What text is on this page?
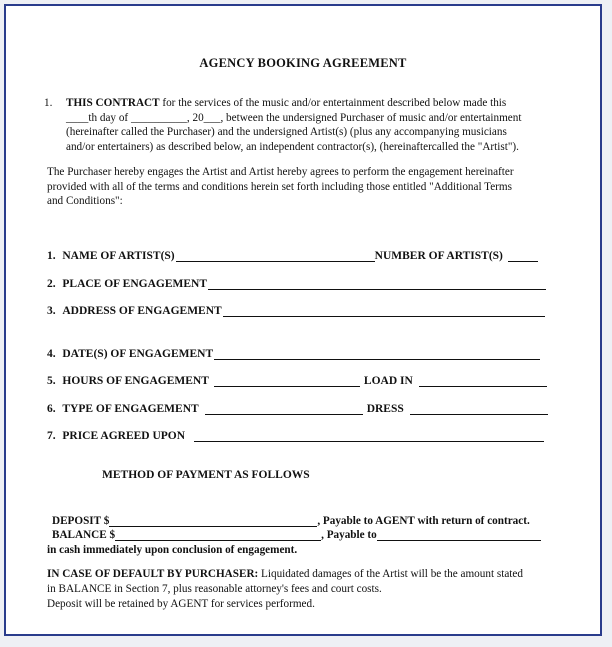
AGENCY BOOKING AGREEMENT
1. THIS CONTRACT for the services of the music and/or entertainment described below made this
____th day of __________, 20___, between the undersigned Purchaser of music and/or entertainment
(hereinafter called the Purchaser) and the undersigned Artist(s) (plus any accompanying musicians
and/or entertainers) as described below, an independent contractor(s), (hereinaftercalled the "Artist").
The Purchaser hereby engages the Artist and Artist hereby agrees to perform the engagement hereinafter
provided with all of the terms and conditions herein set forth including those entitled "Additional Terms
and Conditions":
1.
NAME OF ARTIST(S)	NUMBER OF ARTIST(S)
2.
PLACE OF ENGAGEMENT
3.
ADDRESS OF ENGAGEMENT
4.
DATE(S) OF ENGAGEMENT
5.
HOURS OF ENGAGEMENT	LOAD IN
6.
TYPE OF ENGAGEMENT	DRESS
7.
PRICE AGREED UPON
METHOD OF PAYMENT AS FOLLOWS
DEPOSIT $	, Payable to AGENT with return of contract.
BALANCE $	, Payable to
in cash immediately upon conclusion of engagement.
IN CASE OF DEFAULT BY PURCHASER: Liquidated damages of the Artist will be the amount stated
in BALANCE in Section 7, plus reasonable attorney's fees and court costs.
Deposit will be retained by AGENT for services performed.
